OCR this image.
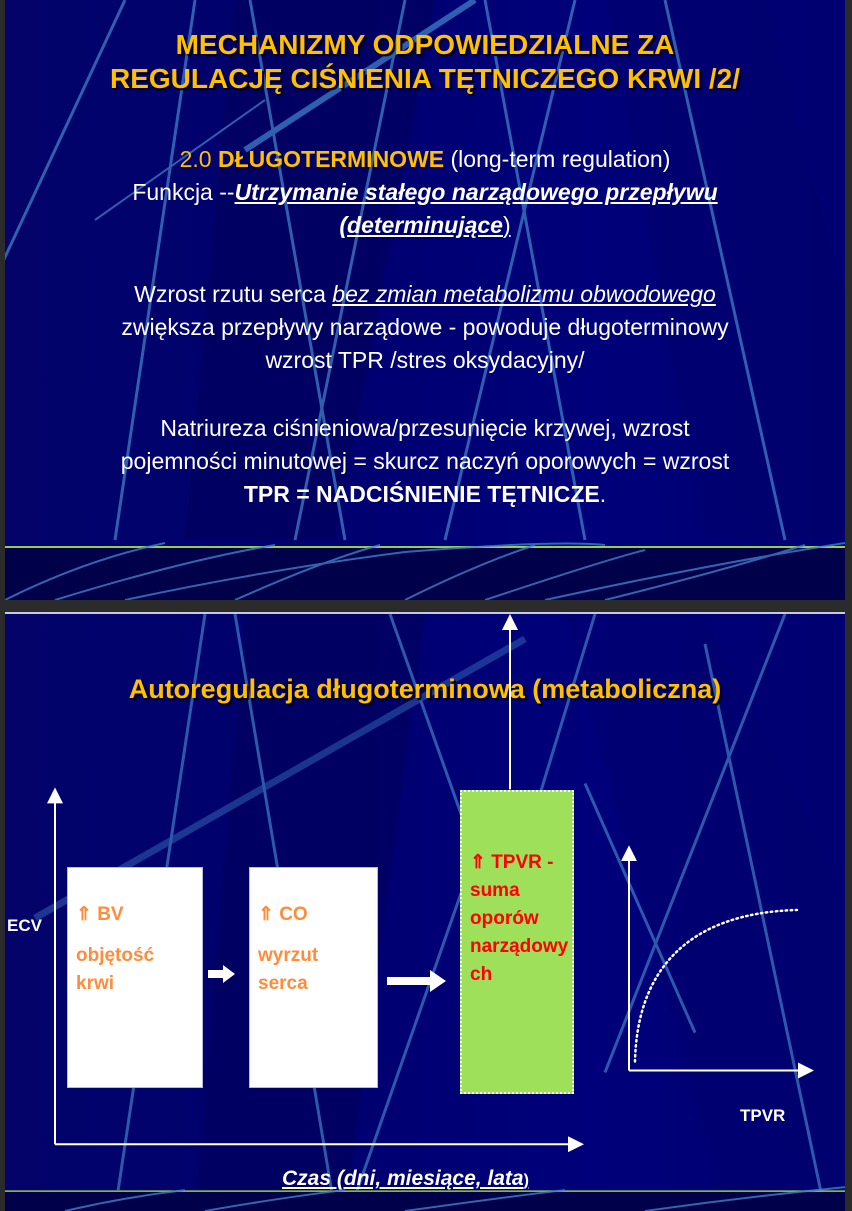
MECHANIZMY ODPOWIEDZIALNE ZA
REGULACJĘ CIŚNIENIA TĘTNICZEGO KRWI /2/
2.0 DŁUGOTERMINOWE (long-term regulation)
Funkcja --Utrzymanie stałego narządowego przepływu
(determinujące)
Wzrost rzutu serca bez zmian metabolizmu obwodowego
zwiększa przepływy narządowe - powoduje długoterminowy
wzrost TPR /stres oksydacyjny/
Natriureza ciśnieniowa/przesunięcie krzywej, wzrost
pojemności minutowej = skurcz naczyń oporowych = wzrost
TPR = NADCIŚNIENIE TĘTNICZE.
Autoregulacja długoterminowa (metaboliczna)
ECV
⇑ BV
objętość
krwi
⇑ CO
wyrzut
serca
⇑ TPVR -
suma
oporów
narządowy
ch
TPVR
Czas (dni, miesiące, lata)
